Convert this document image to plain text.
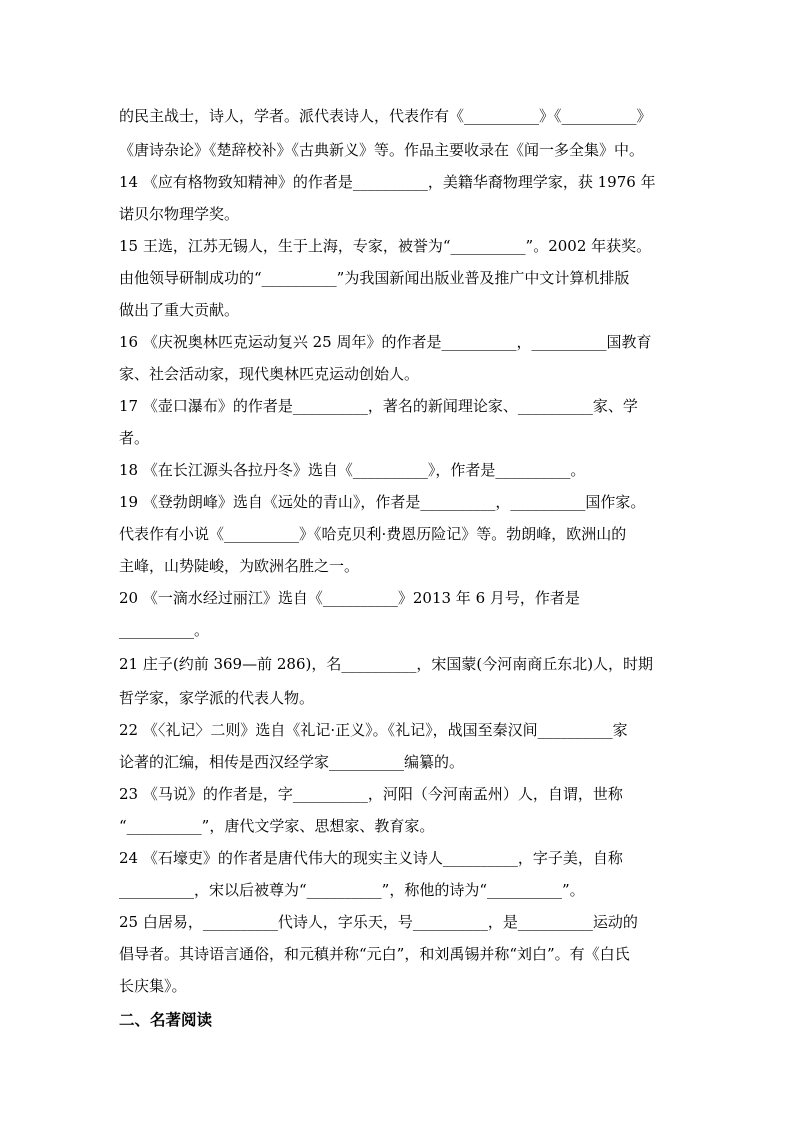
的民主战士，诗人，学者。派代表诗人，代表作有《__________》《__________》
《唐诗杂论》《楚辞校补》《古典新义》等。作品主要收录在《闻一多全集》中。
14 《应有格物致知精神》的作者是__________，美籍华裔物理学家，获 1976 年
诺贝尔物理学奖。
15 王选，江苏无锡人，生于上海，专家，被誉为“__________”。2002 年获奖。
由他领导研制成功的“__________”为我国新闻出版业普及推广中文计算机排版
做出了重大贡献。
16 《庆祝奥林匹克运动复兴 25 周年》的作者是__________，__________国教育
家、社会活动家，现代奥林匹克运动创始人。
17 《壶口瀑布》的作者是__________，著名的新闻理论家、__________家、学
者。
18 《在长江源头各拉丹冬》选自《__________》，作者是__________。
19 《登勃朗峰》选自《远处的青山》，作者是__________，__________国作家。
代表作有小说《__________》《哈克贝利·费恩历险记》等。勃朗峰，欧洲山的
主峰，山势陡峻，为欧洲名胜之一。
20 《一滴水经过丽江》选自《__________》2013 年 6 月号，作者是
__________。
21 庄子(约前 369—前 286)，名__________，宋国蒙(今河南商丘东北)人，时期
哲学家，家学派的代表人物。
22 《〈礼记〉二则》选自《礼记·正义》。《礼记》，战国至秦汉间__________家
论著的汇编，相传是西汉经学家__________编纂的。
23 《马说》的作者是，字__________，河阳（今河南孟州）人，自谓，世称
“__________”，唐代文学家、思想家、教育家。
24 《石壕吏》的作者是唐代伟大的现实主义诗人__________，字子美，自称
__________，宋以后被尊为“__________”，称他的诗为“__________”。
25 白居易，__________代诗人，字乐天，号__________，是__________运动的
倡导者。其诗语言通俗，和元稹并称“元白”，和刘禹锡并称“刘白”。有《白氏
长庆集》。
二、名著阅读
